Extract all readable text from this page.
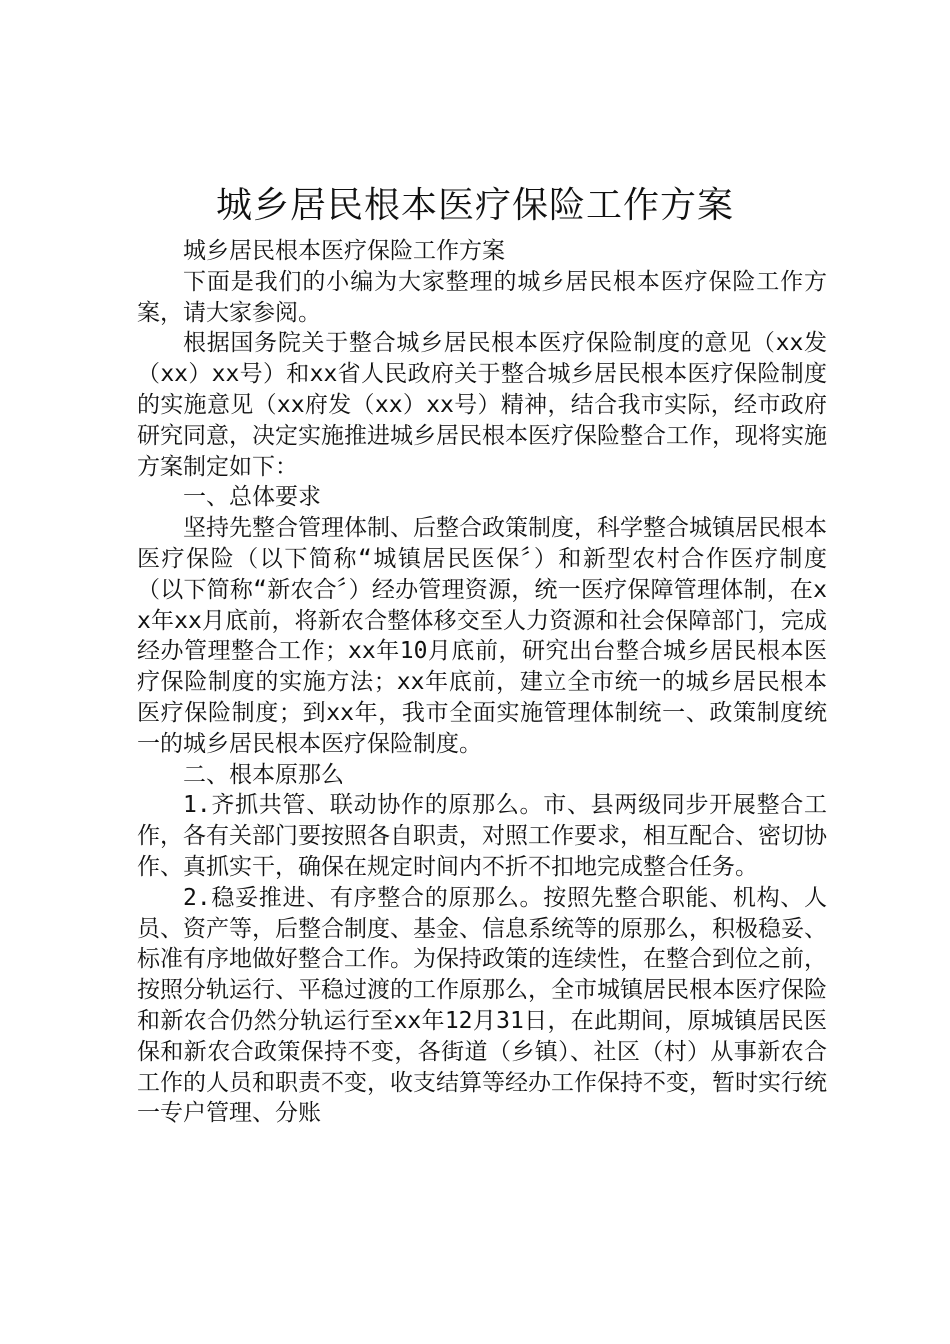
城乡居民根本医疗保险工作方案

城乡居民根本医疗保险工作方案

下面是我们的小编为大家整理的城乡居民根本医疗保险工作方案，请大家参阅。

根据国务院关于整合城乡居民根本医疗保险制度的意见（xx发（xx）xx号）和xx省人民政府关于整合城乡居民根本医疗保险制度的实施意见（xx府发（xx）xx号）精神，结合我市实际，经市政府研究同意，决定实施推进城乡居民根本医疗保险整合工作，现将实施方案制定如下：

一、总体要求

坚持先整合管理体制、后整合政策制度，科学整合城镇居民根本医疗保险（以下简称“城镇居民医保〞）和新型农村合作医疗制度（以下简称“新农合〞）经办管理资源，统一医疗保障管理体制，在xx年xx月底前，将新农合整体移交至人力资源和社会保障部门，完成经办管理整合工作；xx年10月底前，研究出台整合城乡居民根本医疗保险制度的实施方法；xx年底前，建立全市统一的城乡居民根本医疗保险制度；到xx年，我市全面实施管理体制统一、政策制度统一的城乡居民根本医疗保险制度。

二、根本原那么

1.齐抓共管、联动协作的原那么。市、县两级同步开展整合工作，各有关部门要按照各自职责，对照工作要求，相互配合、密切协作、真抓实干，确保在规定时间内不折不扣地完成整合任务。

2.稳妥推进、有序整合的原那么。按照先整合职能、机构、人员、资产等，后整合制度、基金、信息系统等的原那么，积极稳妥、标准有序地做好整合工作。为保持政策的连续性，在整合到位之前，按照分轨运行、平稳过渡的工作原那么，全市城镇居民根本医疗保险和新农合仍然分轨运行至xx年12月31日，在此期间，原城镇居民医保和新农合政策保持不变，各街道（乡镇）、社区（村）从事新农合工作的人员和职责不变，收支结算等经办工作保持不变，暂时实行统一专户管理、分账
